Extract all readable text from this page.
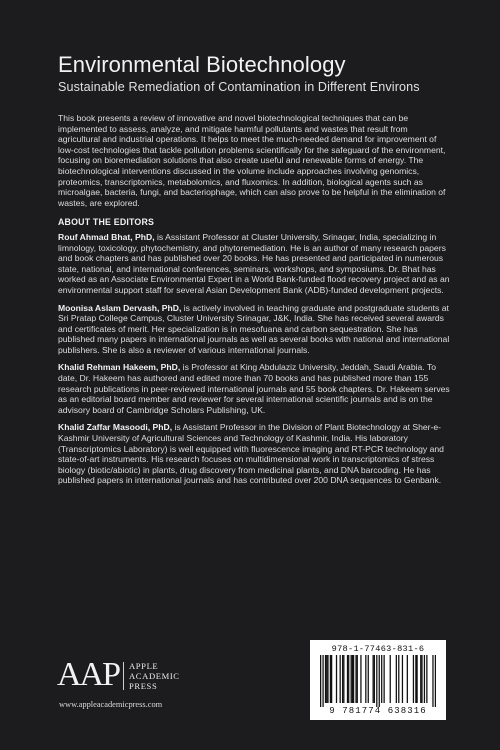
Environmental Biotechnology
Sustainable Remediation of Contamination in Different Environs

This book presents a review of innovative and novel biotechnological techniques that can be implemented to assess, analyze, and mitigate harmful pollutants and wastes that result from agricultural and industrial operations. It helps to meet the much-needed demand for improvement of low-cost technologies that tackle pollution problems scientifically for the safeguard of the environment, focusing on bioremediation solutions that also create useful and renewable forms of energy. The biotechnological interventions discussed in the volume include approaches involving genomics, proteomics, transcriptomics, metabolomics, and fluxomics. In addition, biological agents such as microalgae, bacteria, fungi, and bacteriophage, which can also prove to be helpful in the elimination of wastes, are explored.

ABOUT THE EDITORS

Rouf Ahmad Bhat, PhD, is Assistant Professor at Cluster University, Srinagar, India, specializing in limnology, toxicology, phytochemistry, and phytoremediation. He is an author of many research papers and book chapters and has published over 20 books. He has presented and participated in numerous state, national, and international conferences, seminars, workshops, and symposiums. Dr. Bhat has worked as an Associate Environmental Expert in a World Bank-funded flood recovery project and as an environmental support staff for several Asian Development Bank (ADB)-funded development projects.

Moonisa Aslam Dervash, PhD, is actively involved in teaching graduate and postgraduate students at Sri Pratap College Campus, Cluster University Srinagar, J&K, India. She has received several awards and certificates of merit. Her specialization is in mesofuana and carbon sequestration. She has published many papers in international journals as well as several books with national and international publishers. She is also a reviewer of various international journals.

Khalid Rehman Hakeem, PhD, is Professor at King Abdulaziz University, Jeddah, Saudi Arabia. To date, Dr. Hakeem has authored and edited more than 70 books and has published more than 155 research publications in peer-reviewed international journals and 55 book chapters. Dr. Hakeem serves as an editorial board member and reviewer for several international scientific journals and is on the advisory board of Cambridge Scholars Publishing, UK.

Khalid Zaffar Masoodi, PhD, is Assistant Professor in the Division of Plant Biotechnology at Sher-e-Kashmir University of Agricultural Sciences and Technology of Kashmir, India. His laboratory (Transcriptomics Laboratory) is well equipped with fluorescence imaging and RT-PCR technology and state-of-art instruments. His research focuses on multidimensional work in transcriptomics of stress biology (biotic/abiotic) in plants, drug discovery from medicinal plants, and DNA barcoding. He has published papers in international journals and has contributed over 200 DNA sequences to Genbank.

AAP APPLE
ACADEMIC
PRESS
www.appleacademicpress.com
978-1-77463-831-6
9 781774 638316
